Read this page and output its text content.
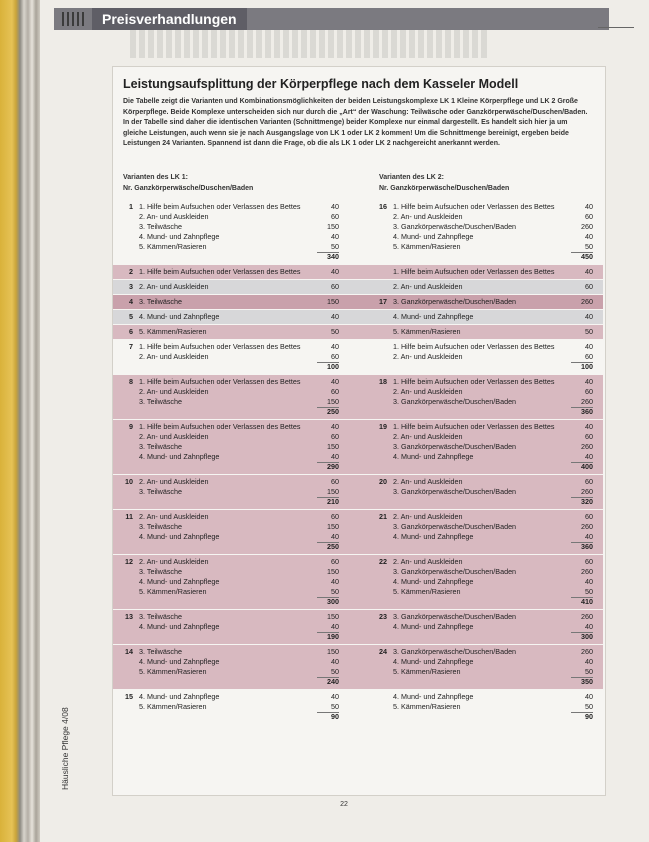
Preisverhandlungen
Leistungsaufsplittung der Körperpflege nach dem Kasseler Modell

Die Tabelle zeigt die Varianten und Kombinationsmöglichkeiten der beiden Leistungskomplexe LK 1 Kleine Körperpflege und LK 2 Große Körperpflege. Beide Komplexe unterscheiden sich nur durch die „Art“ der Waschung: Teilwäsche oder Ganzkörperwäsche/Duschen/Baden. In der Tabelle sind daher die identischen Varianten (Schnittmenge) beider Komplexe nur einmal dargestellt. Es handelt sich hier ja um gleiche Leistungen, auch wenn sie je nach Ausgangslage von LK 1 oder LK 2 kommen! Um die Schnittmenge bereinigt, ergeben beide Leistungen 24 Varianten. Spannend ist dann die Frage, ob die als LK 1 oder LK 2 nachgereicht anerkannt werden.

Varianten des LK 1:
Nr. Ganzkörperwäsche/Duschen/Baden
Varianten des LK 2:
Nr. Ganzkörperwäsche/Duschen/Baden
1 1. Hilfe beim Aufsuchen oder Verlassen des Bettes	40
2. An- und Auskleiden	60
3. Teilwäsche	150
4. Mund- und Zahnpflege	40
5. Kämmen/Rasieren	50
340
16 1. Hilfe beim Aufsuchen oder Verlassen des Bettes	40
2. An- und Auskleiden	60
3. Ganzkörperwäsche/Duschen/Baden	260
4. Mund- und Zahnpflege	40
5. Kämmen/Rasieren	50
450
2 1. Hilfe beim Aufsuchen oder Verlassen des Bettes	40	1. Hilfe beim Aufsuchen oder Verlassen des Bettes	40
3 2. An- und Auskleiden	60	2. An- und Auskleiden	60
4 3. Teilwäsche	150	17 3. Ganzkörperwäsche/Duschen/Baden	260
5 4. Mund- und Zahnpflege	40	4. Mund- und Zahnpflege	40
6 5. Kämmen/Rasieren	50	5. Kämmen/Rasieren	50
7 1. Hilfe beim Aufsuchen oder Verlassen des Bettes	40
2. An- und Auskleiden	60
100
1. Hilfe beim Aufsuchen oder Verlassen des Bettes	40
2. An- und Auskleiden	60
100
8 1. Hilfe beim Aufsuchen oder Verlassen des Bettes	40
2. An- und Auskleiden	60
3. Teilwäsche	150
250
18 1. Hilfe beim Aufsuchen oder Verlassen des Bettes	40
2. An- und Auskleiden	60
3. Ganzkörperwäsche/Duschen/Baden	260
360
9 1. Hilfe beim Aufsuchen oder Verlassen des Bettes	40
2. An- und Auskleiden	60
3. Teilwäsche	150
4. Mund- und Zahnpflege	40
290
19 1. Hilfe beim Aufsuchen oder Verlassen des Bettes	40
2. An- und Auskleiden	60
3. Ganzkörperwäsche/Duschen/Baden	260
4. Mund- und Zahnpflege	40
400
10 2. An- und Auskleiden	60
3. Teilwäsche	150
210
20 2. An- und Auskleiden	60
3. Ganzkörperwäsche/Duschen/Baden	260
320
11 2. An- und Auskleiden	60
3. Teilwäsche	150
4. Mund- und Zahnpflege	40
250
21 2. An- und Auskleiden	60
3. Ganzkörperwäsche/Duschen/Baden	260
4. Mund- und Zahnpflege	40
360
12 2. An- und Auskleiden	60
3. Teilwäsche	150
4. Mund- und Zahnpflege	40
5. Kämmen/Rasieren	50
300
22 2. An- und Auskleiden	60
3. Ganzkörperwäsche/Duschen/Baden	260
4. Mund- und Zahnpflege	40
5. Kämmen/Rasieren	50
410
13 3. Teilwäsche	150
4. Mund- und Zahnpflege	40
190
23 3. Ganzkörperwäsche/Duschen/Baden	260
4. Mund- und Zahnpflege	40
300
14 3. Teilwäsche	150
4. Mund- und Zahnpflege	40
5. Kämmen/Rasieren	50
240
24 3. Ganzkörperwäsche/Duschen/Baden	260
4. Mund- und Zahnpflege	40
5. Kämmen/Rasieren	50
350
15 4. Mund- und Zahnpflege	40
5. Kämmen/Rasieren	50
90
4. Mund- und Zahnpflege	40
5. Kämmen/Rasieren	50
90
22
Häusliche Pflege 4/08
